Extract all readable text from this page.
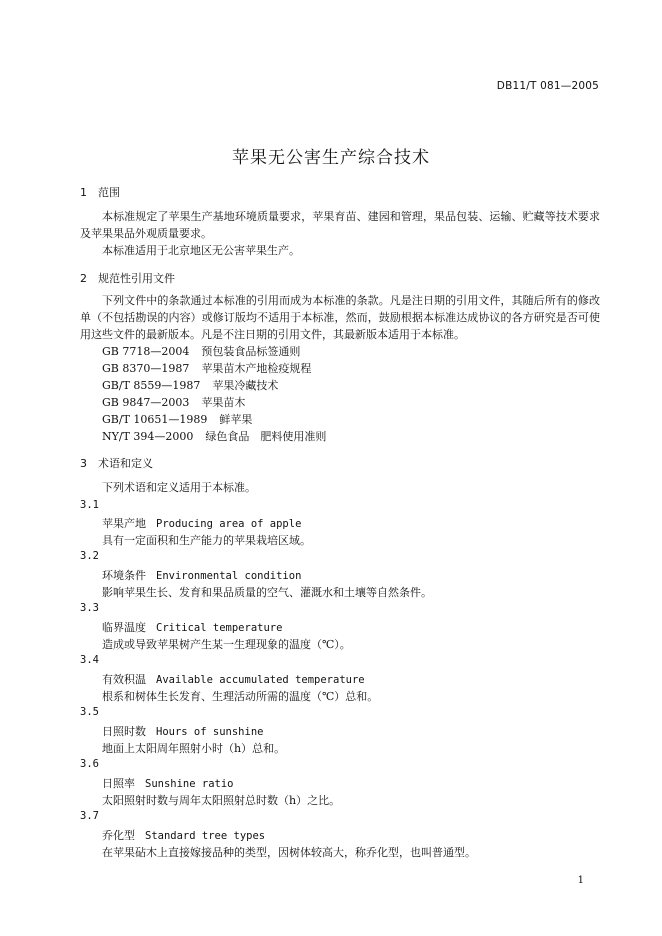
DB11/T 081—2005
苹果无公害生产综合技术
1 范围
本标准规定了苹果生产基地环境质量要求，苹果育苗、建园和管理，果品包装、运输、贮藏等技术要求及苹果果品外观质量要求。
本标准适用于北京地区无公害苹果生产。
2 规范性引用文件
下列文件中的条款通过本标准的引用而成为本标准的条款。凡是注日期的引用文件，其随后所有的修改单（不包括勘误的内容）或修订版均不适用于本标准，然而，鼓励根据本标准达成协议的各方研究是否可使用这些文件的最新版本。凡是不注日期的引用文件，其最新版本适用于本标准。
GB 7718—2004 预包装食品标签通则
GB 8370—1987 苹果苗木产地检疫规程
GB/T 8559—1987 苹果冷藏技术
GB 9847—2003 苹果苗木
GB/T 10651—1989 鲜苹果
NY/T 394—2000 绿色食品　肥料使用准则
3 术语和定义
下列术语和定义适用于本标准。
3.1
苹果产地 Producing area of apple
具有一定面积和生产能力的苹果栽培区域。
3.2
环境条件 Environmental condition
影响苹果生长、发育和果品质量的空气、灌溉水和土壤等自然条件。
3.3
临界温度 Critical temperature
造成或导致苹果树产生某一生理现象的温度（℃）。
3.4
有效积温 Available accumulated temperature
根系和树体生长发育、生理活动所需的温度（℃）总和。
3.5
日照时数 Hours of sunshine
地面上太阳周年照射小时（h）总和。
3.6
日照率 Sunshine ratio
太阳照射时数与周年太阳照射总时数（h）之比。
3.7
乔化型 Standard tree types
在苹果砧木上直接嫁接品种的类型，因树体较高大，称乔化型，也叫普通型。
1
